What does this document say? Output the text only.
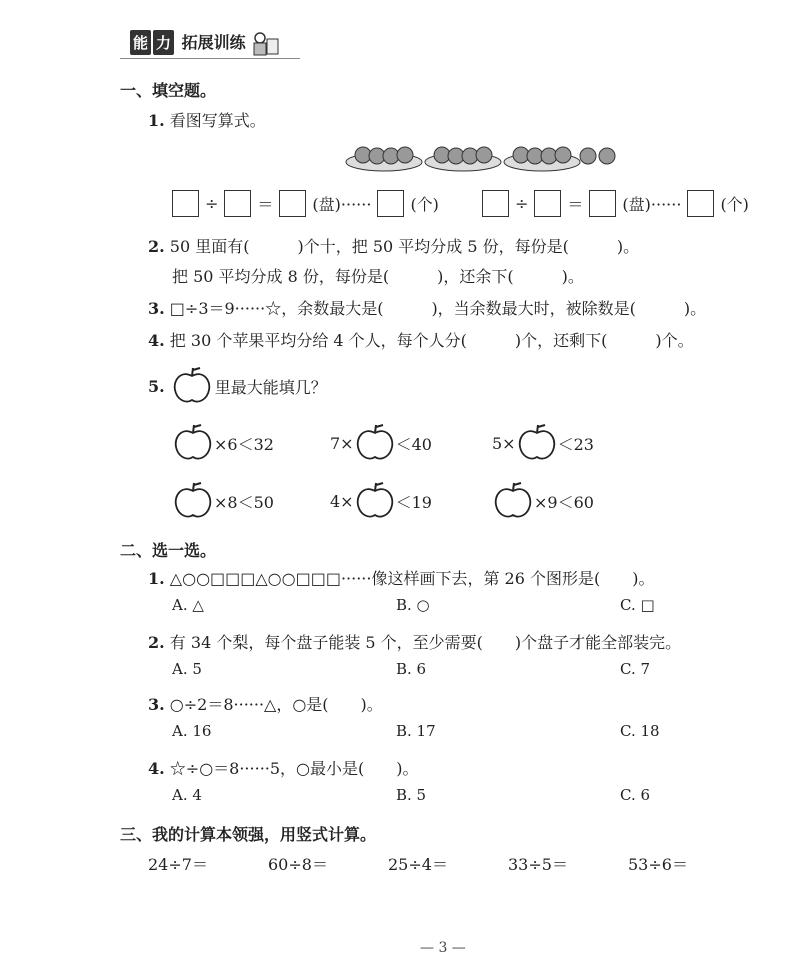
能 力 拓展训练
一、填空题。
1. 看图写算式。
÷ ＝ (盘)······ (个)	÷ ＝ (盘)······ (个)
2. 50 里面有(　　　)个十，把 50 平均分成 5 份，每份是(　　　)。
把 50 平均分成 8 份，每份是(　　　)，还余下(　　　)。
3. □÷3＝9······☆，余数最大是(　　　)，当余数最大时，被除数是(　　　)。
4. 把 30 个苹果平均分给 4 个人，每个人分(　　　)个，还剩下(　　　)个。
5.	里最大能填几？
×6＜32	7×	＜40	5×	＜23
×8＜50	4×	＜19	×9＜60
二、选一选。
1. △○○□□□△○○□□□······像这样画下去，第 26 个图形是(　　)。
A. △	B. ○	C. □
2. 有 34 个梨，每个盘子能装 5 个，至少需要(　　)个盘子才能全部装完。
A. 5	B. 6	C. 7
3. ○÷2＝8······△，○是(　　)。
A. 16	B. 17	C. 18
4. ☆÷○＝8······5，○最小是(　　)。
A. 4	B. 5	C. 6
三、我的计算本领强，用竖式计算。
24÷7＝	60÷8＝	25÷4＝	33÷5＝	53÷6＝
— 3 —
